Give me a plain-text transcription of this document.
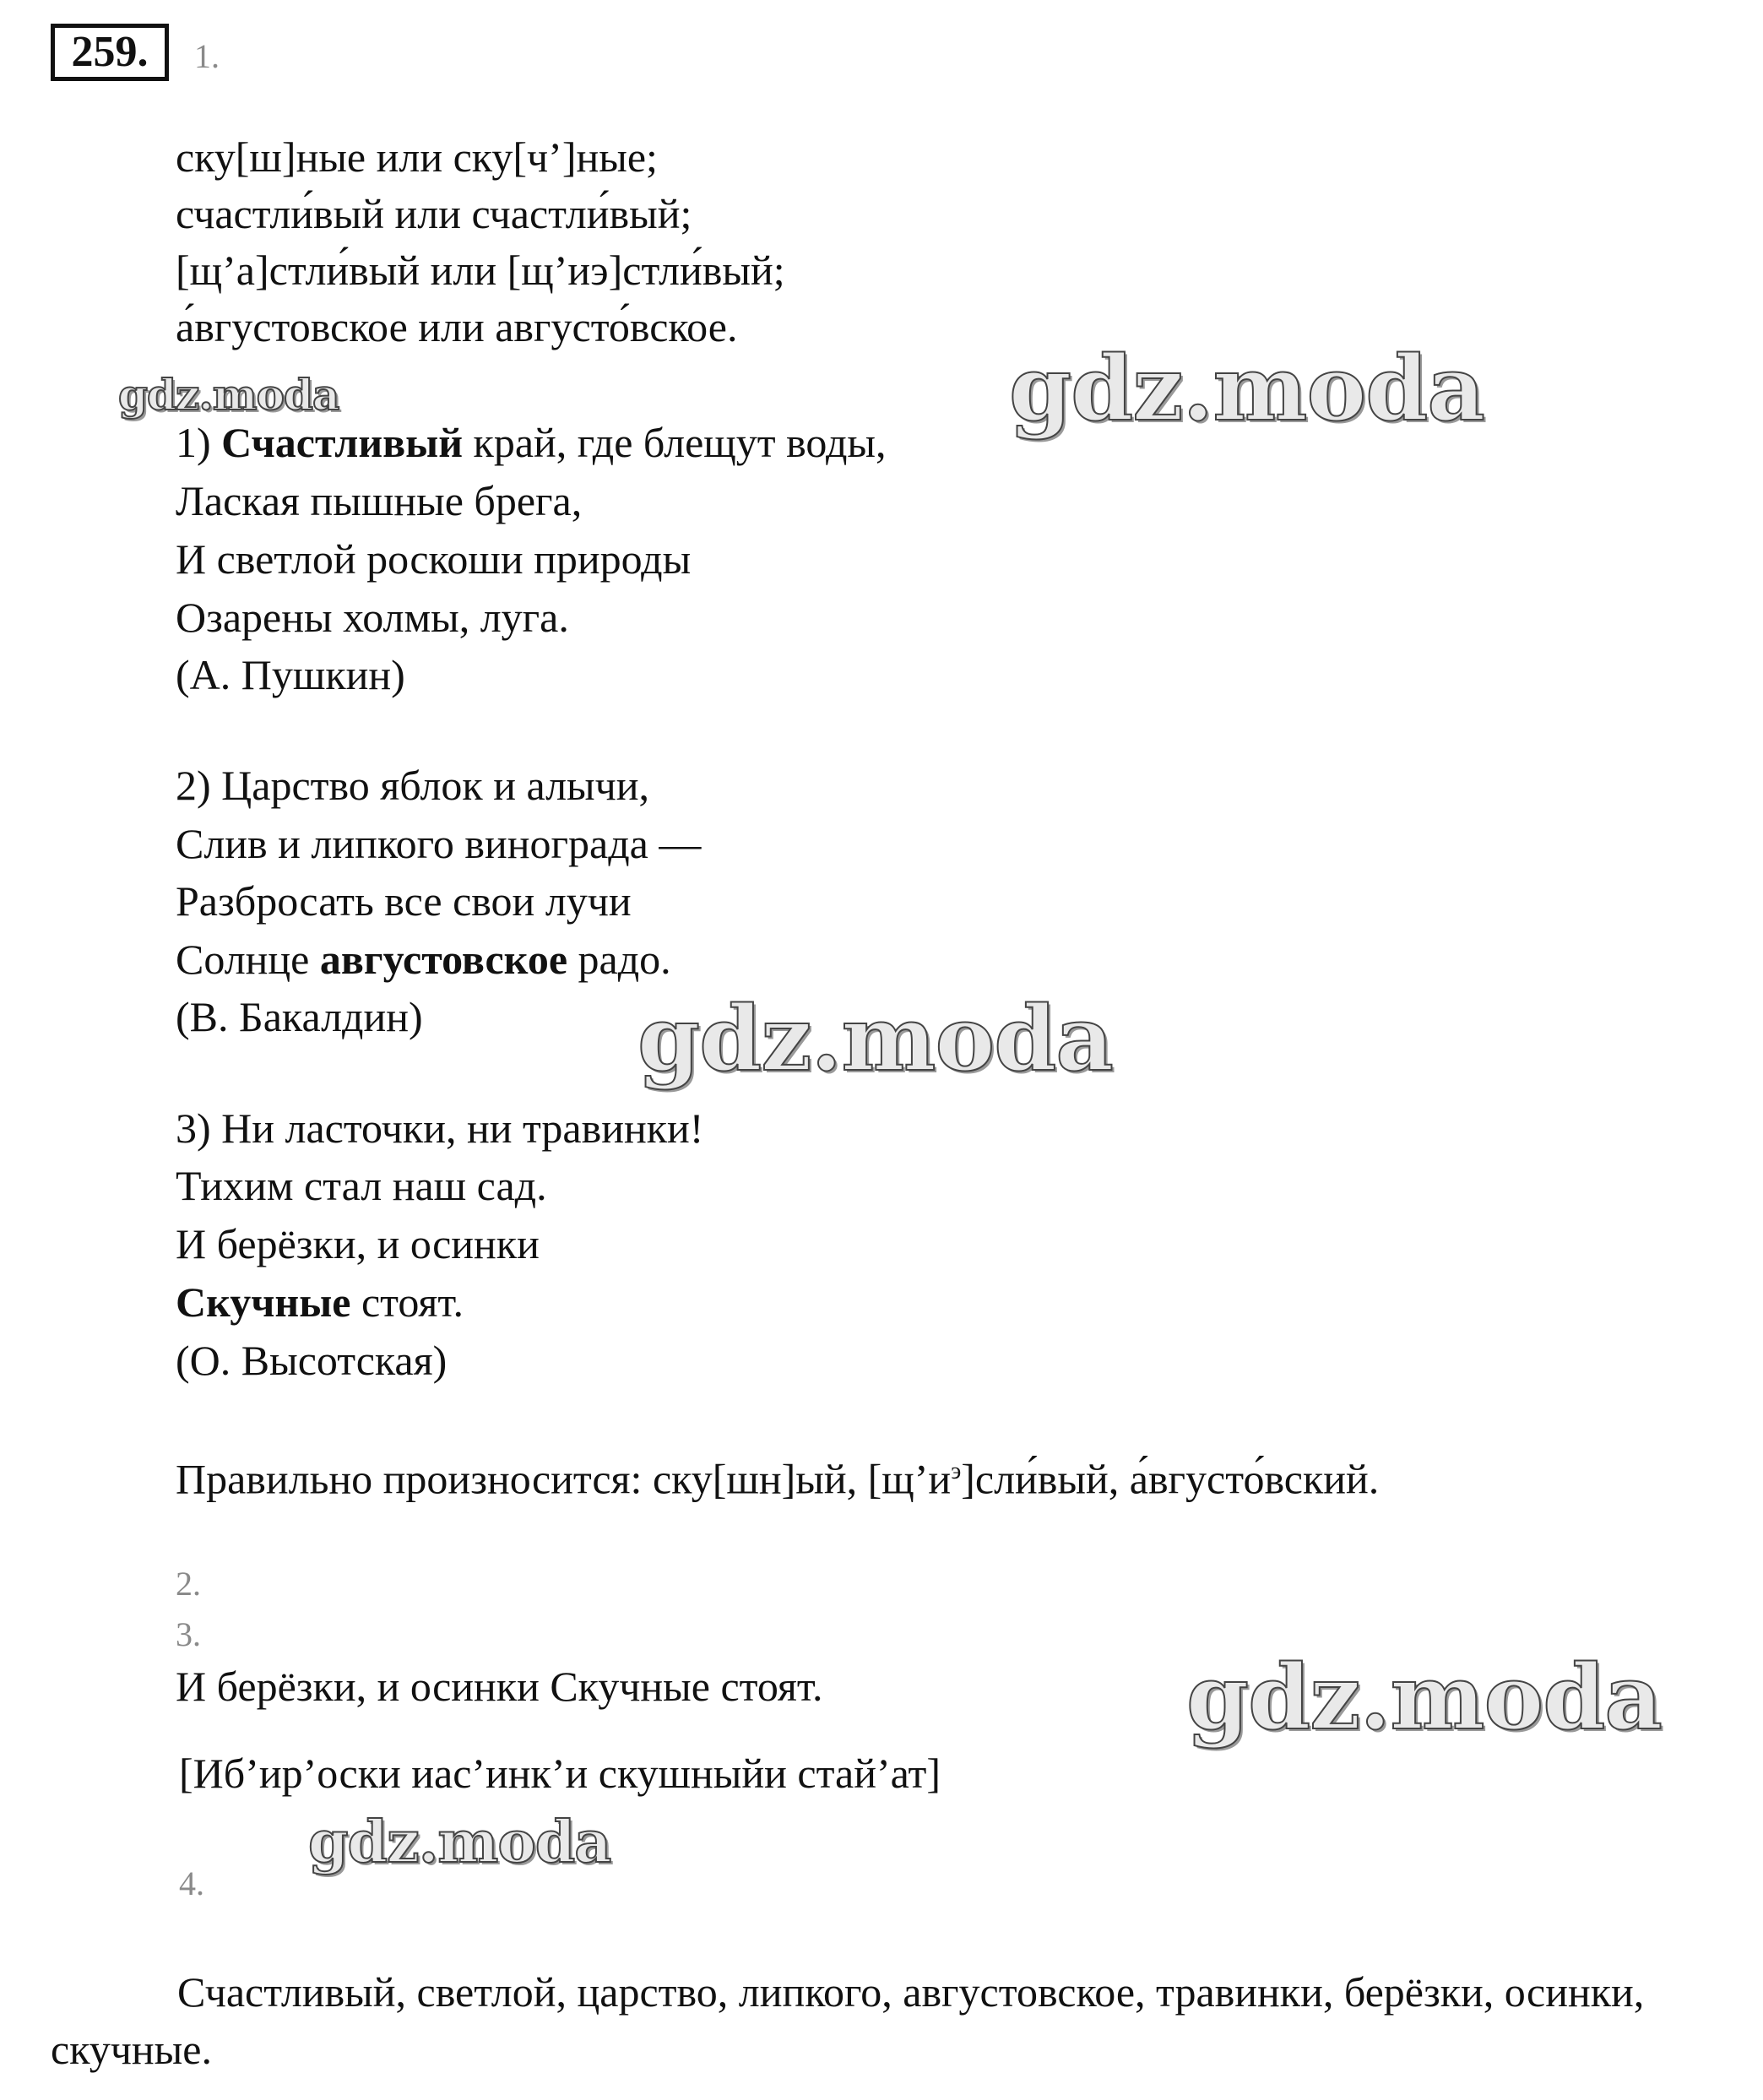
259.	1.
ску[ш]ные или ску[ч’]ные;
счастли́вый или счастли́вый;
[щ’а]стли́вый или [щ’иэ]стли́вый;
а́вгустовское или августо́вское.
1) Счастливый край, где блещут воды,
Лаская пышные брега,
И светлой роскоши природы
Озарены холмы, луга.
(А. Пушкин)
2) Царство яблок и алычи,
Слив и липкого винограда —
Разбросать все свои лучи
Солнце августовское радо.
(В. Бакалдин)
3) Ни ласточки, ни травинки!
Тихим стал наш сад.
И берёзки, и осинки
Скучные стоят.
(О. Высотская)
Правильно произносится: ску[шн]ый, $[щ’и^э]сли́вый$, а́вгусто́вский.
2.
3.
И берёзки, и осинки Скучные стоят.
[Иб’ир’оски иас’инк’и скушныйи стай’ат]
4.
Счастливый, светлой, царство, липкого, августовское, травинки, берёзки, осинки, скучные.
gdz.moda	gdz.moda
gdz.moda
gdz.moda
gdz.moda
